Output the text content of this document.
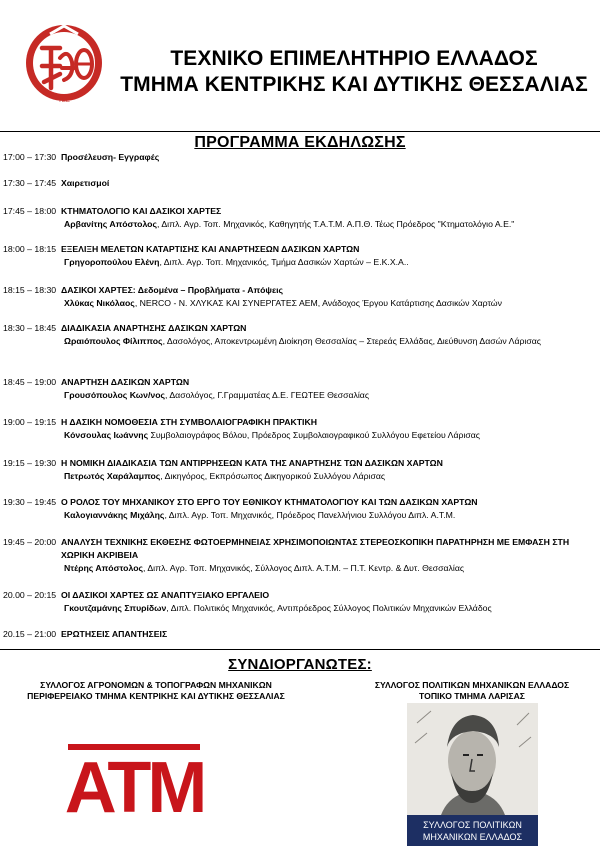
TEE
ΤΕΧΝΙΚΟ ΕΠΙΜΕΛΗΤΗΡΙΟ ΕΛΛΑΔΟΣ
ΤΜΗΜΑ ΚΕΝΤΡΙΚΗΣ ΚΑΙ ΔΥΤΙΚΗΣ ΘΕΣΣΑΛΙΑΣ
ΠΡΟΓΡΑΜΜΑ ΕΚΔΗΛΩΣΗΣ
17:00 – 17:30 Προσέλευση- Εγγραφές
17:30 – 17:45 Χαιρετισμοί
17:45 – 18:00 ΚΤΗΜΑΤΟΛΟΓΙΟ ΚΑΙ ΔΑΣΙΚΟΙ ΧΑΡΤΕΣ
Αρβανίτης Απόστολος, Διπλ. Αγρ. Τοπ. Μηχανικός, Καθηγητής Τ.Α.Τ.Μ. Α.Π.Θ. Τέως Πρόεδρος "Κτηματολόγιο Α.Ε."
18:00 – 18:15 ΕΞΕΛΙΞΗ ΜΕΛΕΤΩΝ ΚΑΤΑΡΤΙΣΗΣ ΚΑΙ ΑΝΑΡΤΗΣΕΩΝ ΔΑΣΙΚΩΝ ΧΑΡΤΩΝ
Γρηγοροπούλου Ελένη, Διπλ. Αγρ. Τοπ. Μηχανικός, Τμήμα Δασικών Χαρτών – Ε.Κ.Χ.Α..
18:15 – 18:30 ΔΑΣΙΚΟΙ ΧΑΡΤΕΣ: Δεδομένα – Προβλήματα - Απόψεις
Χλύκας Νικόλαος, NERCO - Ν. ΧΛΥΚΑΣ ΚΑΙ ΣΥΝΕΡΓΑΤΕΣ ΑΕΜ, Ανάδοχος Έργου Κατάρτισης Δασικών Χαρτών
18:30 – 18:45 ΔΙΑΔΙΚΑΣΙΑ ΑΝΑΡΤΗΣΗΣ ΔΑΣΙΚΩΝ ΧΑΡΤΩΝ
Ωραιόπουλος Φίλιππος, Δασολόγος, Αποκεντρωμένη Διοίκηση Θεσσαλίας – Στερεάς Ελλάδας, Διεύθυνση Δασών Λάρισας
18:45 – 19:00 ΑΝΑΡΤΗΣΗ ΔΑΣΙΚΩΝ ΧΑΡΤΩΝ
Γρουσόπουλος Κων/νος, Δασολόγος, Γ.Γραμματέας Δ.Ε. ΓΕΩΤΕΕ Θεσσαλίας
19:00 – 19:15 Η ΔΑΣΙΚΗ ΝΟΜΟΘΕΣΙΑ ΣΤΗ ΣΥΜΒΟΛΑΙΟΓΡΑΦΙΚΗ ΠΡΑΚΤΙΚΗ
Κόνσουλας Ιωάννης Συμβολαιογράφος Βόλου, Πρόεδρος Συμβολαιογραφικού Συλλόγου Εφετείου Λάρισας
19:15 – 19:30 Η ΝΟΜΙΚΗ ΔΙΑΔΙΚΑΣΙΑ ΤΩΝ ΑΝΤΙΡΡΗΣΕΩΝ ΚΑΤΑ ΤΗΣ ΑΝΑΡΤΗΣΗΣ ΤΩΝ ΔΑΣΙΚΩΝ ΧΑΡΤΩΝ
Πετρωτός Χαράλαμπος, Δικηγόρος, Εκπρόσωπος Δικηγορικού Συλλόγου Λάρισας
19:30 – 19:45 Ο ΡΟΛΟΣ ΤΟΥ ΜΗΧΑΝΙΚΟΥ ΣΤΟ ΕΡΓΟ ΤΟΥ ΕΘΝΙΚΟΥ ΚΤΗΜΑΤΟΛΟΓΙΟΥ ΚΑΙ ΤΩΝ ΔΑΣΙΚΩΝ ΧΑΡΤΩΝ
Καλογιαννάκης Μιχάλης, Διπλ. Αγρ. Τοπ. Μηχανικός, Πρόεδρος Πανελλήνιου Συλλόγου Διπλ. Α.Τ.Μ.
19:45 – 20:00 ΑΝΑΛΥΣΗ ΤΕΧΝΙΚΗΣ ΕΚΘΕΣΗΣ ΦΩΤΟΕΡΜΗΝΕΙΑΣ ΧΡΗΣΙΜΟΠΟΙΩΝΤΑΣ ΣΤΕΡΕΟΣΚΟΠΙΚΗ ΠΑΡΑΤΗΡΗΣΗ ΜΕ ΕΜΦΑΣΗ ΣΤΗ ΧΩΡΙΚΗ ΑΚΡΙΒΕΙΑ
Ντέρης Απόστολος, Διπλ. Αγρ. Τοπ. Μηχανικός, Σύλλογος Διπλ. Α.Τ.Μ. – Π.Τ. Κεντρ. & Δυτ. Θεσσαλίας
20.00 – 20:15 ΟΙ ΔΑΣΙΚΟΙ ΧΑΡΤΕΣ ΩΣ ΑΝΑΠΤΥΞΙΑΚΟ ΕΡΓΑΛΕΙΟ
Γκουτζαμάνης Σπυρίδων, Διπλ. Πολιτικός Μηχανικός, Αντιπρόεδρος Σύλλογος Πολιτικών Μηχανικών Ελλάδος
20.15 – 21:00 ΕΡΩΤΗΣΕΙΣ ΑΠΑΝΤΗΣΕΙΣ
ΣΥΝΔΙΟΡΓΑΝΩΤΕΣ:
ΣΥΛΛΟΓΟΣ ΑΓΡΟΝΟΜΩΝ & ΤΟΠΟΓΡΑΦΩΝ ΜΗΧΑΝΙΚΩΝ
ΠΕΡΙΦΕΡΕΙΑΚΟ ΤΜΗΜΑ ΚΕΝΤΡΙΚΗΣ ΚΑΙ ΔΥΤΙΚΗΣ ΘΕΣΣΑΛΙΑΣ
ΣΥΛΛΟΓΟΣ ΠΟΛΙΤΙΚΩΝ ΜΗΧΑΝΙΚΩΝ ΕΛΛΑΔΟΣ
ΤΟΠΙΚΟ ΤΜΗΜΑ ΛΑΡΙΣΑΣ
ATM	ΣΥΛΛΟΓΟΣ ΠΟΛΙΤΙΚΩΝ
ΜΗΧΑΝΙΚΩΝ ΕΛΛΑΔΟΣ
